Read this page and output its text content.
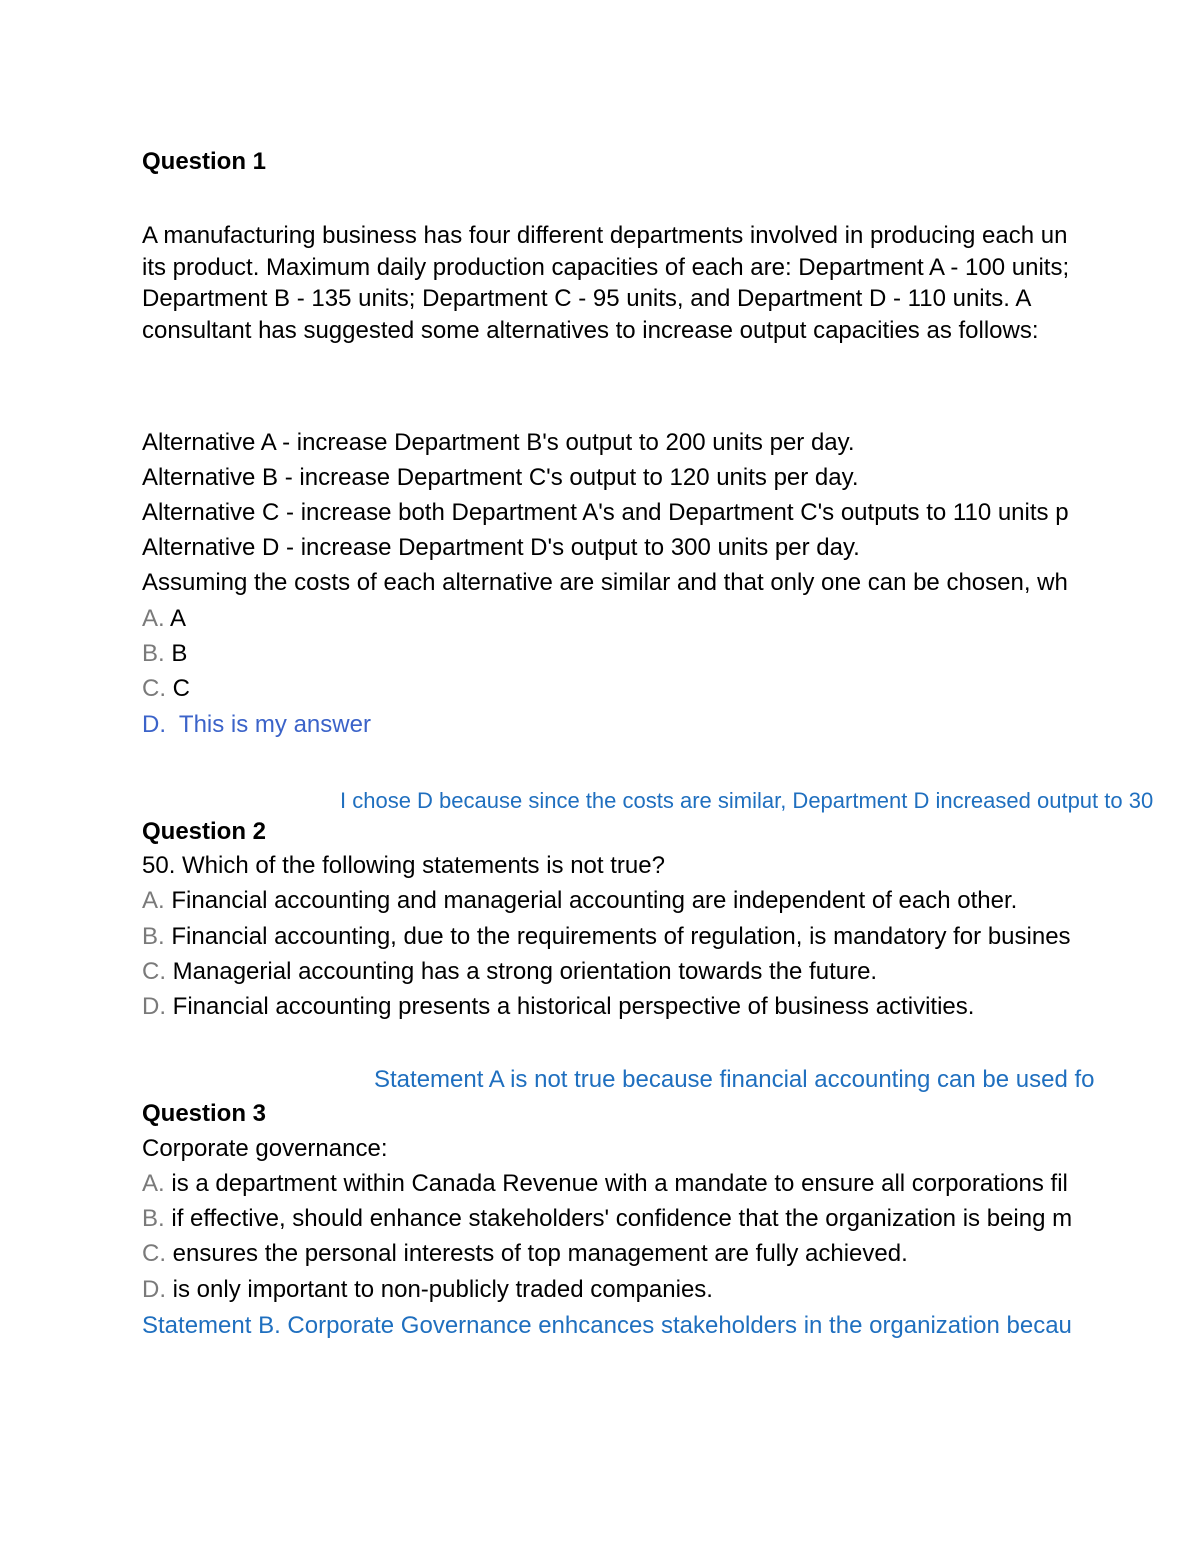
Question 1
A manufacturing business has four different departments involved in producing each un
its product. Maximum daily production capacities of each are: Department A - 100 units;
Department B - 135 units; Department C - 95 units, and Department D - 110 units. A
consultant has suggested some alternatives to increase output capacities as follows:
Alternative A - increase Department B's output to 200 units per day.
Alternative B - increase Department C's output to 120 units per day.
Alternative C - increase both Department A's and Department C's outputs to 110 units p
Alternative D - increase Department D's output to 300 units per day.
Assuming the costs of each alternative are similar and that only one can be chosen, wh
A. A
B. B
C. C
D. This is my answer
I chose D because since the costs are similar, Department D increased output to 30
Question 2
50. Which of the following statements is not true?
A. Financial accounting and managerial accounting are independent of each other.
B. Financial accounting, due to the requirements of regulation, is mandatory for busines
C. Managerial accounting has a strong orientation towards the future.
D. Financial accounting presents a historical perspective of business activities.
Statement A is not true because financial accounting can be used fo
Question 3
Corporate governance:
A. is a department within Canada Revenue with a mandate to ensure all corporations fil
B. if effective, should enhance stakeholders' confidence that the organization is being m
C. ensures the personal interests of top management are fully achieved.
D. is only important to non-publicly traded companies.
Statement B. Corporate Governance enhcances stakeholders in the organization becau
